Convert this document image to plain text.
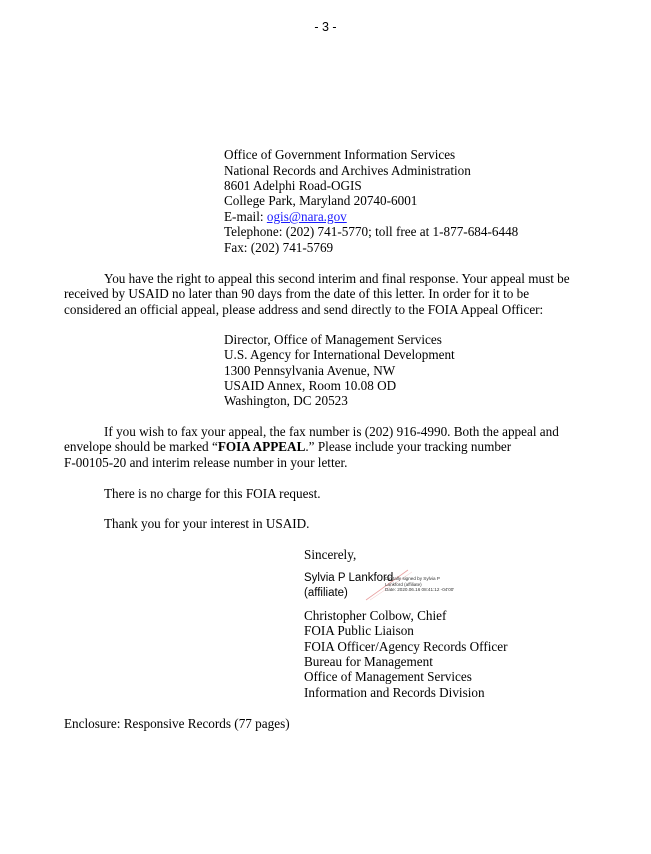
- 3 -
Office of Government Information Services
National Records and Archives Administration
8601 Adelphi Road-OGIS
College Park, Maryland 20740-6001
E-mail: ogis@nara.gov
Telephone: (202) 741-5770; toll free at 1-877-684-6448
Fax: (202) 741-5769
You have the right to appeal this second interim and final response. Your appeal must be
received by USAID no later than 90 days from the date of this letter. In order for it to be
considered an official appeal, please address and send directly to the FOIA Appeal Officer:
Director, Office of Management Services
U.S. Agency for International Development
1300 Pennsylvania Avenue, NW
USAID Annex, Room 10.08 OD
Washington, DC 20523
If you wish to fax your appeal, the fax number is (202) 916-4990. Both the appeal and
envelope should be marked “FOIA APPEAL.” Please include your tracking number
F-00105-20 and interim release number in your letter.
There is no charge for this FOIA request.
Thank you for your interest in USAID.
Sincerely,
Sylvia P Lankford
(affiliate)
Digitally signed by Sylvia P
Lankford (affiliate)
Date: 2020.06.16 08:41:12 -04'00'
Christopher Colbow, Chief
FOIA Public Liaison
FOIA Officer/Agency Records Officer
Bureau for Management
Office of Management Services
Information and Records Division
Enclosure: Responsive Records (77 pages)
